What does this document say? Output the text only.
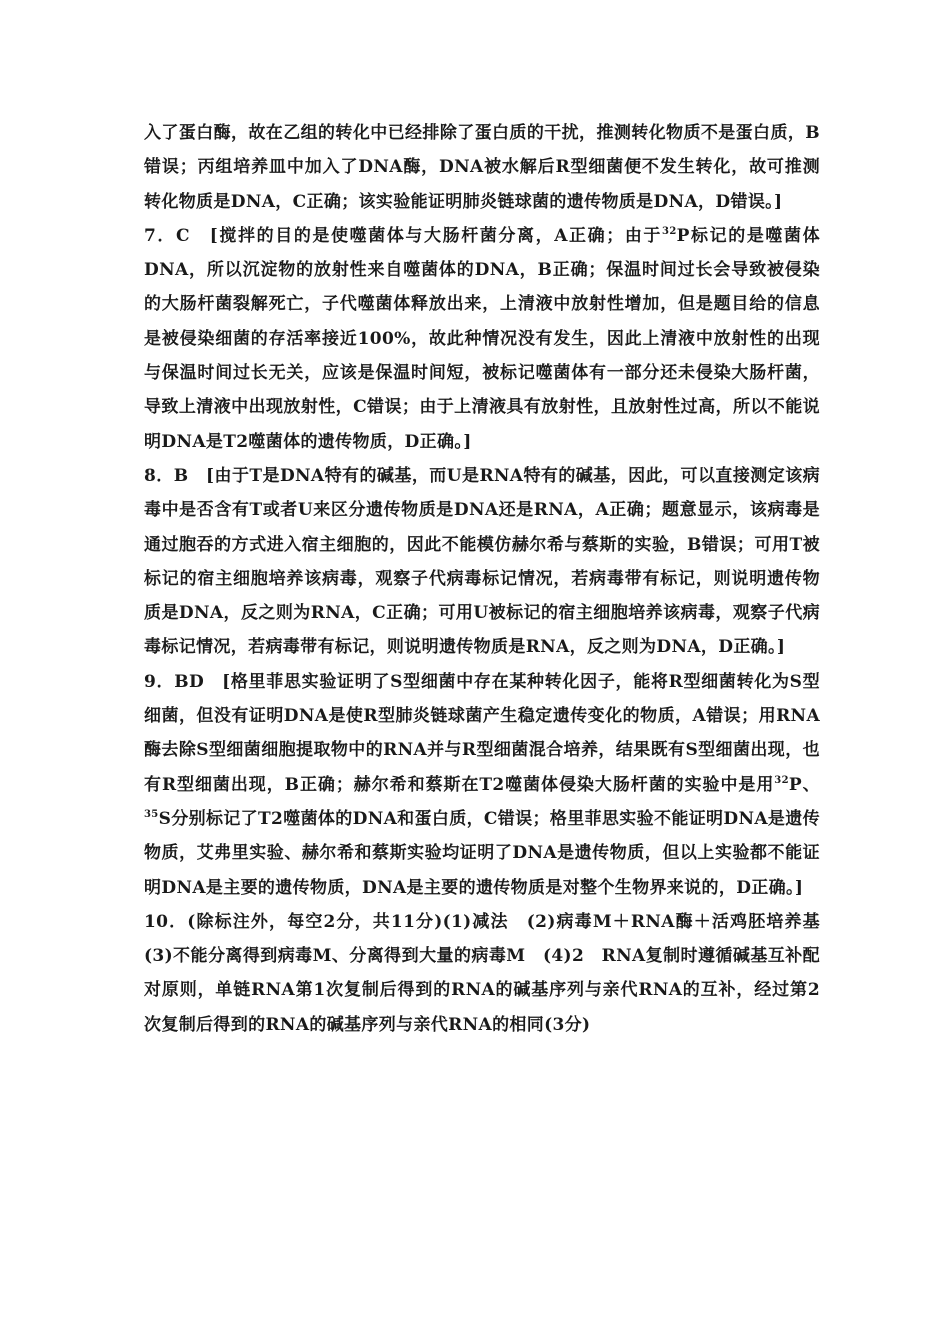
入了蛋白酶，故在乙组的转化中已经排除了蛋白质的干扰，推测转化物质不是蛋白质，B错误；丙组培养皿中加入了DNA酶，DNA被水解后R型细菌便不发生转化，故可推测转化物质是DNA，C正确；该实验能证明肺炎链球菌的遗传物质是DNA，D错误。]

7．C　[搅拌的目的是使噬菌体与大肠杆菌分离，A正确；由于$^{32}$P标记的是噬菌体DNA，所以沉淀物的放射性来自噬菌体的DNA，B正确；保温时间过长会导致被侵染的大肠杆菌裂解死亡，子代噬菌体释放出来，上清液中放射性增加，但是题目给的信息是被侵染细菌的存活率接近100%，故此种情况没有发生，因此上清液中放射性的出现与保温时间过长无关，应该是保温时间短，被标记噬菌体有一部分还未侵染大肠杆菌，导致上清液中出现放射性，C错误；由于上清液具有放射性，且放射性过高，所以不能说明DNA是T2噬菌体的遗传物质，D正确。]

8．B　[由于T是DNA特有的碱基，而U是RNA特有的碱基，因此，可以直接测定该病毒中是否含有T或者U来区分遗传物质是DNA还是RNA，A正确；题意显示，该病毒是通过胞吞的方式进入宿主细胞的，因此不能模仿赫尔希与蔡斯的实验，B错误；可用T被标记的宿主细胞培养该病毒，观察子代病毒标记情况，若病毒带有标记，则说明遗传物质是DNA，反之则为RNA，C正确；可用U被标记的宿主细胞培养该病毒，观察子代病毒标记情况，若病毒带有标记，则说明遗传物质是RNA，反之则为DNA，D正确。]

9．BD　[格里菲思实验证明了S型细菌中存在某种转化因子，能将R型细菌转化为S型细菌，但没有证明DNA是使R型肺炎链球菌产生稳定遗传变化的物质，A错误；用RNA酶去除S型细菌细胞提取物中的RNA并与R型细菌混合培养，结果既有S型细菌出现，也有R型细菌出现，B正确；赫尔希和蔡斯在T2噬菌体侵染大肠杆菌的实验中是用$^{32}$P、$^{35}$S分别标记了T2噬菌体的DNA和蛋白质，C错误；格里菲思实验不能证明DNA是遗传物质，艾弗里实验、赫尔希和蔡斯实验均证明了DNA是遗传物质，但以上实验都不能证明DNA是主要的遗传物质，DNA是主要的遗传物质是对整个生物界来说的，D正确。]

10．(除标注外，每空2分，共11分)(1)减法　(2)病毒M＋RNA酶＋活鸡胚培养基　(3)不能分离得到病毒M、分离得到大量的病毒M　(4)2　RNA复制时遵循碱基互补配对原则，单链RNA第1次复制后得到的RNA的碱基序列与亲代RNA的互补，经过第2次复制后得到的RNA的碱基序列与亲代RNA的相同(3分)
